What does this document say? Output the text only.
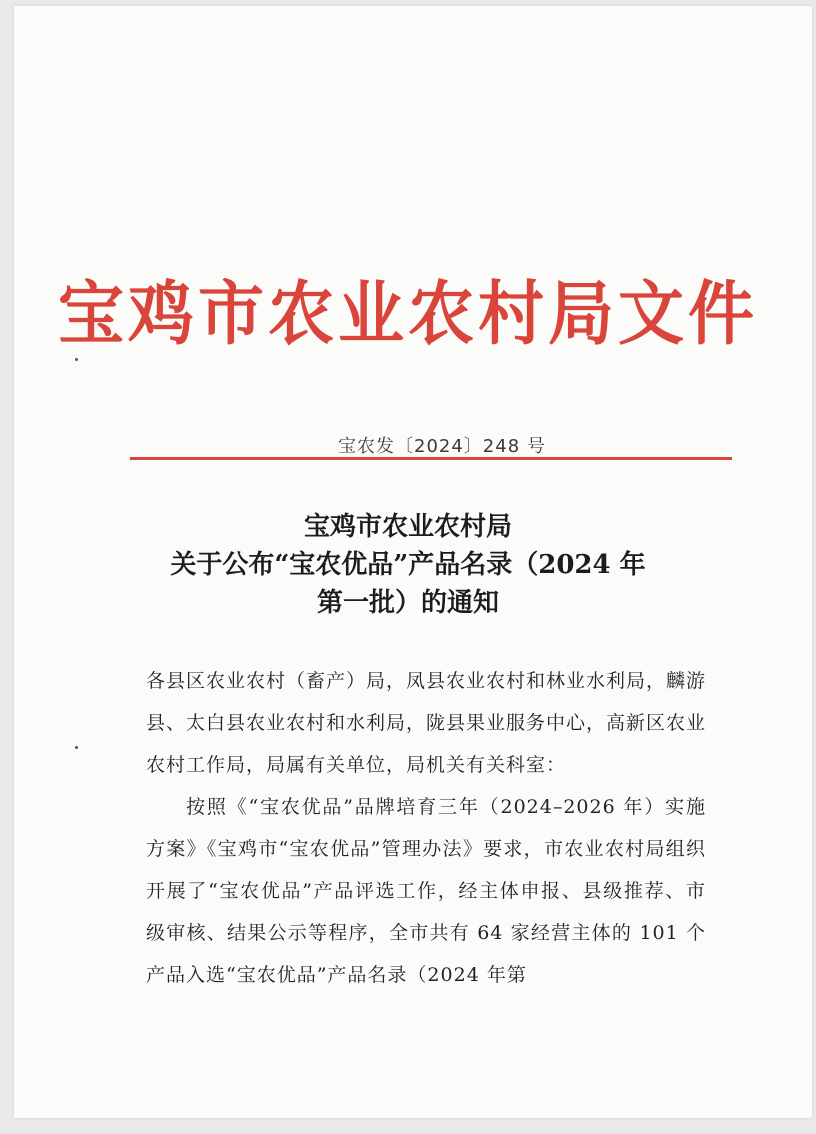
宝鸡市农业农村局文件
宝农发〔2024〕248 号
宝鸡市农业农村局
关于公布“宝农优品”产品名录（2024 年
第一批）的通知

各县区农业农村（畜产）局，凤县农业农村和林业水利局，麟游县、太白县农业农村和水利局，陇县果业服务中心，高新区农业农村工作局，局属有关单位，局机关有关科室：

按照《“宝农优品”品牌培育三年（2024–2026 年）实施方案》《宝鸡市“宝农优品”管理办法》要求，市农业农村局组织开展了“宝农优品”产品评选工作，经主体申报、县级推荐、市级审核、结果公示等程序，全市共有 64 家经营主体的 101 个产品入选“宝农优品”产品名录（2024 年第
